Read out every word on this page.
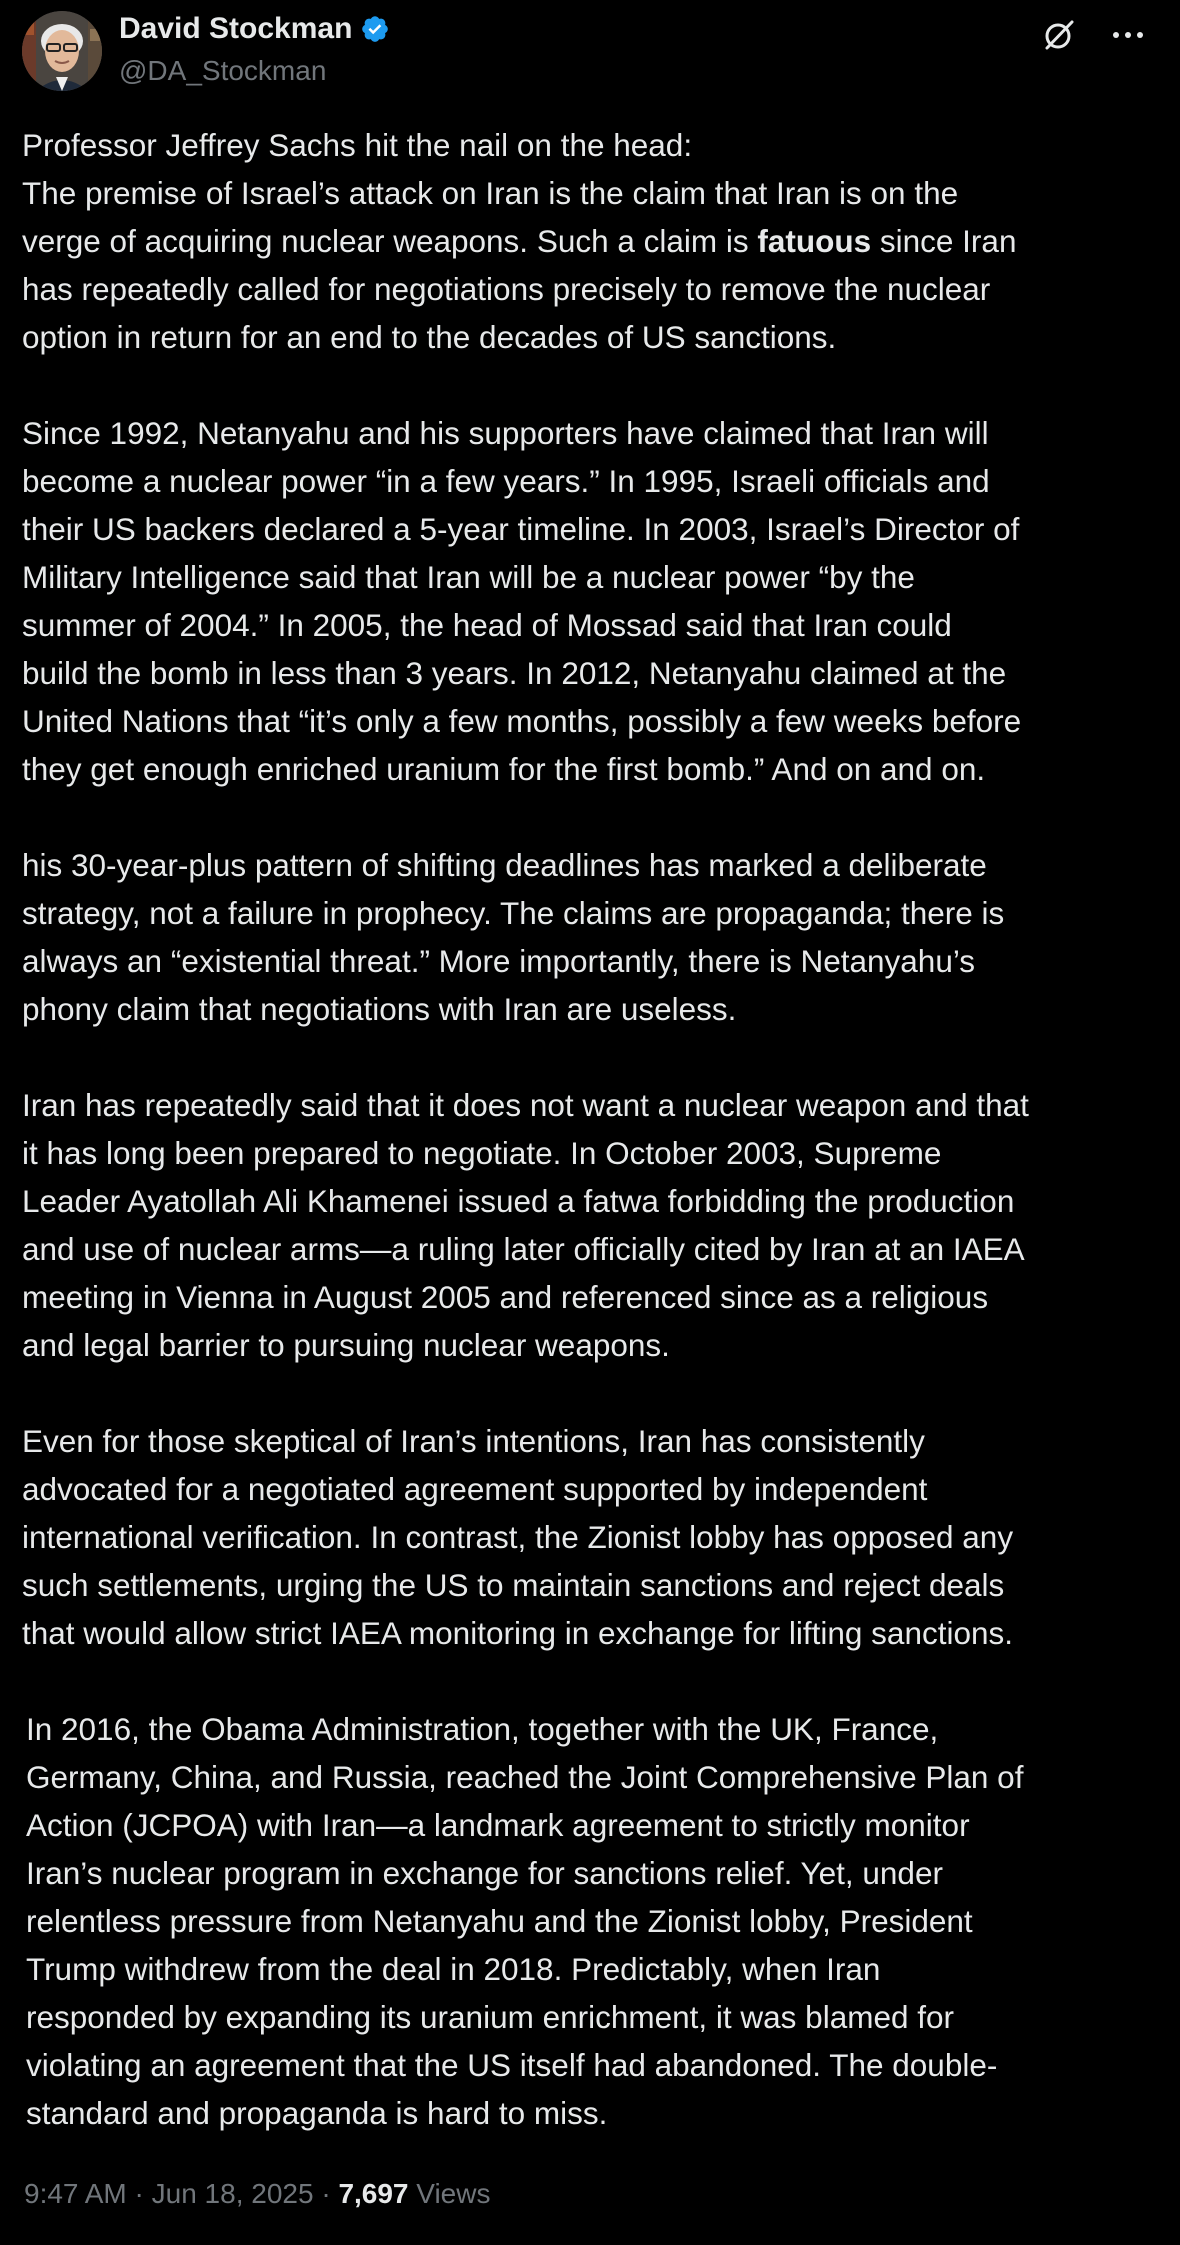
David Stockman
@DA_Stockman

Professor Jeffrey Sachs hit the nail on the head:
The premise of Israel’s attack on Iran is the claim that Iran is on the
verge of acquiring nuclear weapons. Such a claim is fatuous since Iran
has repeatedly called for negotiations precisely to remove the nuclear
option in return for an end to the decades of US sanctions.

Since 1992, Netanyahu and his supporters have claimed that Iran will
become a nuclear power “in a few years.” In 1995, Israeli officials and
their US backers declared a 5-year timeline. In 2003, Israel’s Director of
Military Intelligence said that Iran will be a nuclear power “by the
summer of 2004.” In 2005, the head of Mossad said that Iran could
build the bomb in less than 3 years. In 2012, Netanyahu claimed at the
United Nations that “it’s only a few months, possibly a few weeks before
they get enough enriched uranium for the first bomb.” And on and on.

his 30-year-plus pattern of shifting deadlines has marked a deliberate
strategy, not a failure in prophecy. The claims are propaganda; there is
always an “existential threat.” More importantly, there is Netanyahu’s
phony claim that negotiations with Iran are useless.

Iran has repeatedly said that it does not want a nuclear weapon and that
it has long been prepared to negotiate. In October 2003, Supreme
Leader Ayatollah Ali Khamenei issued a fatwa forbidding the production
and use of nuclear arms—a ruling later officially cited by Iran at an IAEA
meeting in Vienna in August 2005 and referenced since as a religious
and legal barrier to pursuing nuclear weapons.

Even for those skeptical of Iran’s intentions, Iran has consistently
advocated for a negotiated agreement supported by independent
international verification. In contrast, the Zionist lobby has opposed any
such settlements, urging the US to maintain sanctions and reject deals
that would allow strict IAEA monitoring in exchange for lifting sanctions.

In 2016, the Obama Administration, together with the UK, France,
Germany, China, and Russia, reached the Joint Comprehensive Plan of
Action (JCPOA) with Iran—a landmark agreement to strictly monitor
Iran’s nuclear program in exchange for sanctions relief. Yet, under
relentless pressure from Netanyahu and the Zionist lobby, President
Trump withdrew from the deal in 2018. Predictably, when Iran
responded by expanding its uranium enrichment, it was blamed for
violating an agreement that the US itself had abandoned. The double-
standard and propaganda is hard to miss.

9:47 AM · Jun 18, 2025 · 7,697 Views
